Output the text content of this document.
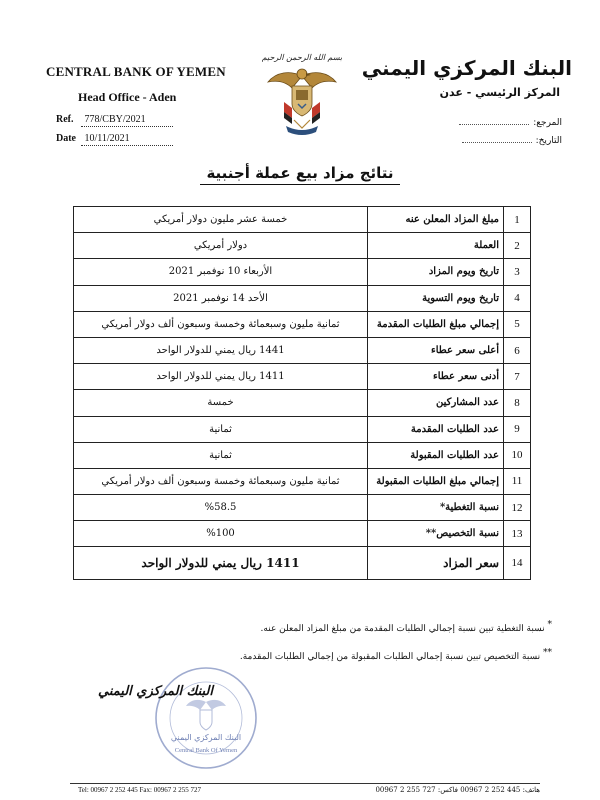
CENTRAL BANK OF YEMEN
Head Office - Aden
Ref. 778/CBY/2021
Date 10/11/2021
بسم الله الرحمن الرحيم البنك المركزي اليمني
المركز الرئيسي - عدن
المرجع:
التاريخ:
نتائج مزاد بيع عملة أجنبية
1	مبلغ المزاد المعلن عنه	خمسة عشر مليون دولار أمريكي
2	العملة	دولار أمريكي
3	تاريخ ويوم المزاد	الأربعاء 10 نوفمبر 2021
4	تاريخ ويوم التسوية	الأحد 14 نوفمبر 2021
5	إجمالي مبلغ الطلبات المقدمة	ثمانية مليون وسبعمائة وخمسة وسبعون ألف دولار أمريكي
6	أعلى سعر عطاء	1441 ريال يمني للدولار الواحد
7	أدنى سعر عطاء	1411 ريال يمني للدولار الواحد
8	عدد المشاركين	خمسة
9	عدد الطلبات المقدمة	ثمانية
10	عدد الطلبات المقبولة	ثمانية
11	إجمالي مبلغ الطلبات المقبولة	ثمانية مليون وسبعمائة وخمسة وسبعون ألف دولار أمريكي
12	نسبة التغطية*	%58.5
13	نسبة التخصيص**	%100
14	سعر المزاد	1411 ريال يمني للدولار الواحد
* نسبة التغطية تبين نسبة إجمالي الطلبات المقدمة من مبلغ المزاد المعلن عنه.
** نسبة التخصيص تبين نسبة إجمالي الطلبات المقبولة من إجمالي الطلبات المقدمة.
البنك المركزي اليمني
Central Bank Of Yemen
البنك المركزي اليمني
Tel: 00967 2 252 445 Fax: 00967 2 255 727	هاتف: 445 252 2 00967 فاكس: 727 255 2 00967
